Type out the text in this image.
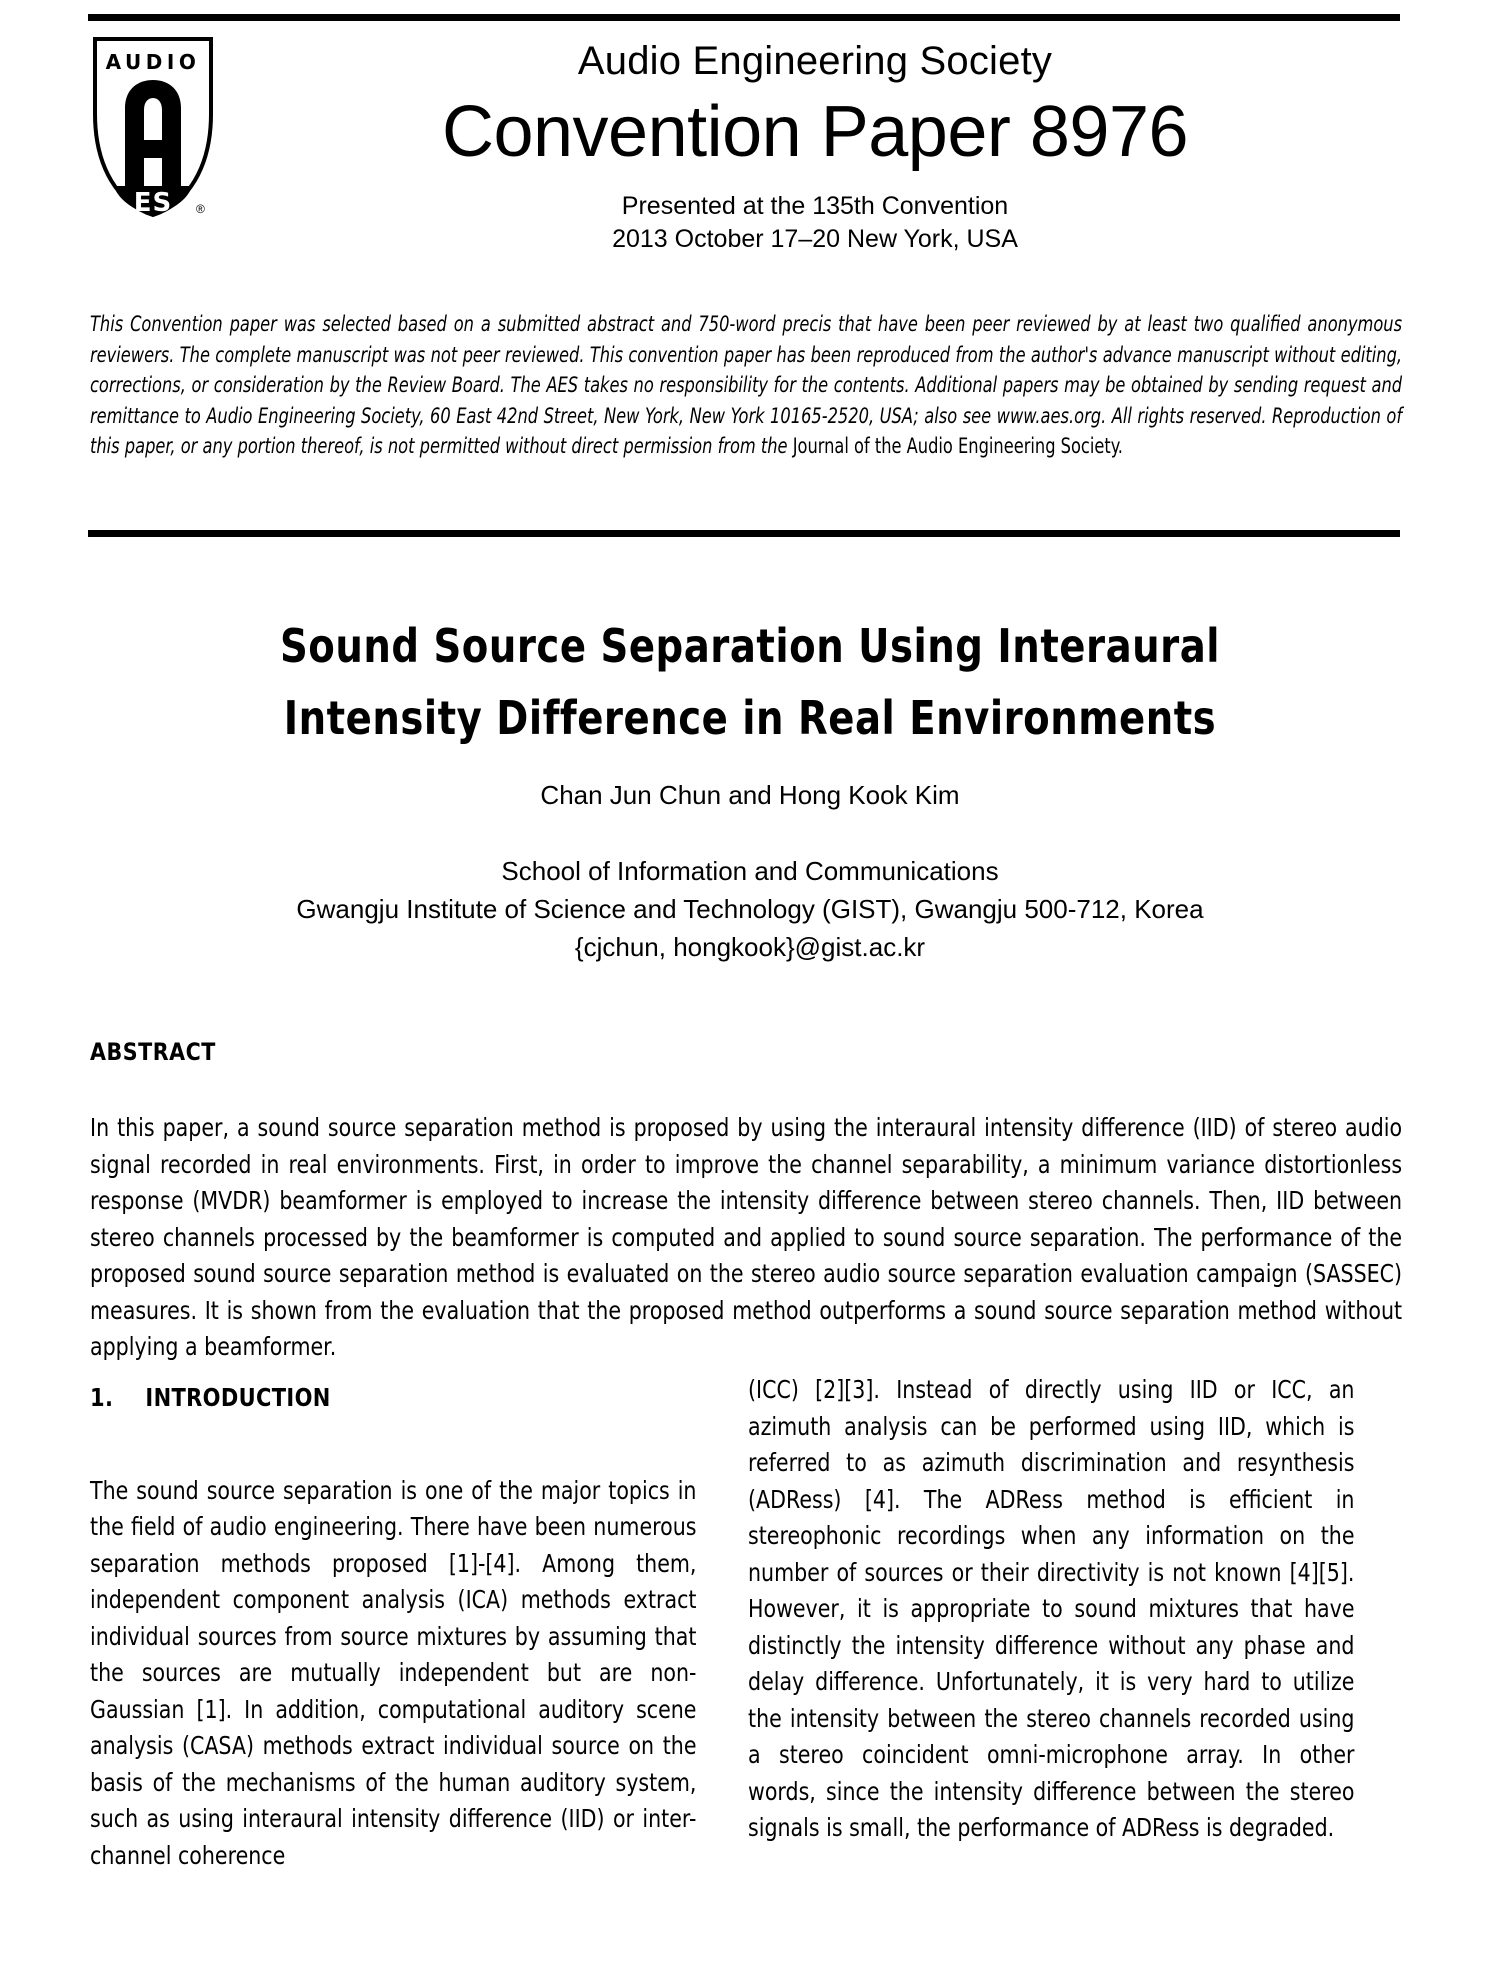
AUDIO
ES ®
Audio Engineering Society
Convention Paper 8976
Presented at the 135th Convention
2013 October 17–20 New York, USA
This Convention paper was selected based on a submitted abstract and 750-word precis that have been peer reviewed by at least two qualified anonymous reviewers. The complete manuscript was not peer reviewed. This convention paper has been reproduced from the author's advance manuscript without editing, corrections, or consideration by the Review Board. The AES takes no responsibility for the contents. Additional papers may be obtained by sending request and remittance to Audio Engineering Society, 60 East 42nd Street, New York, New York 10165-2520, USA; also see www.aes.org. All rights reserved. Reproduction of this paper, or any portion thereof, is not permitted without direct permission from the Journal of the Audio Engineering Society.
Sound Source Separation Using Interaural
Intensity Difference in Real Environments
Chan Jun Chun and Hong Kook Kim
School of Information and Communications
Gwangju Institute of Science and Technology (GIST), Gwangju 500-712, Korea
{cjchun, hongkook}@gist.ac.kr
ABSTRACT
In this paper, a sound source separation method is proposed by using the interaural intensity difference (IID) of stereo audio signal recorded in real environments. First, in order to improve the channel separability, a minimum variance distortionless response (MVDR) beamformer is employed to increase the intensity difference between stereo channels. Then, IID between stereo channels processed by the beamformer is computed and applied to sound source separation. The performance of the proposed sound source separation method is evaluated on the stereo audio source separation evaluation campaign (SASSEC) measures. It is shown from the evaluation that the proposed method outperforms a sound source separation method without applying a beamformer.
1.  INTRODUCTION

The sound source separation is one of the major topics in the field of audio engineering. There have been numerous separation methods proposed [1]-[4]. Among them, independent component analysis (ICA) methods extract individual sources from source mixtures by assuming that the sources are mutually independent but are non-Gaussian [1]. In addition, computational auditory scene analysis (CASA) methods extract individual source on the basis of the mechanisms of the human auditory system, such as using interaural intensity difference (IID) or inter-channel coherence

(ICC) [2][3]. Instead of directly using IID or ICC, an azimuth analysis can be performed using IID, which is referred to as azimuth discrimination and resynthesis (ADRess) [4]. The ADRess method is efficient in stereophonic recordings when any information on the number of sources or their directivity is not known [4][5]. However, it is appropriate to sound mixtures that have distinctly the intensity difference without any phase and delay difference. Unfortunately, it is very hard to utilize the intensity between the stereo channels recorded using a stereo coincident omni-microphone array. In other words, since the intensity difference between the stereo signals is small, the performance of ADRess is degraded.
